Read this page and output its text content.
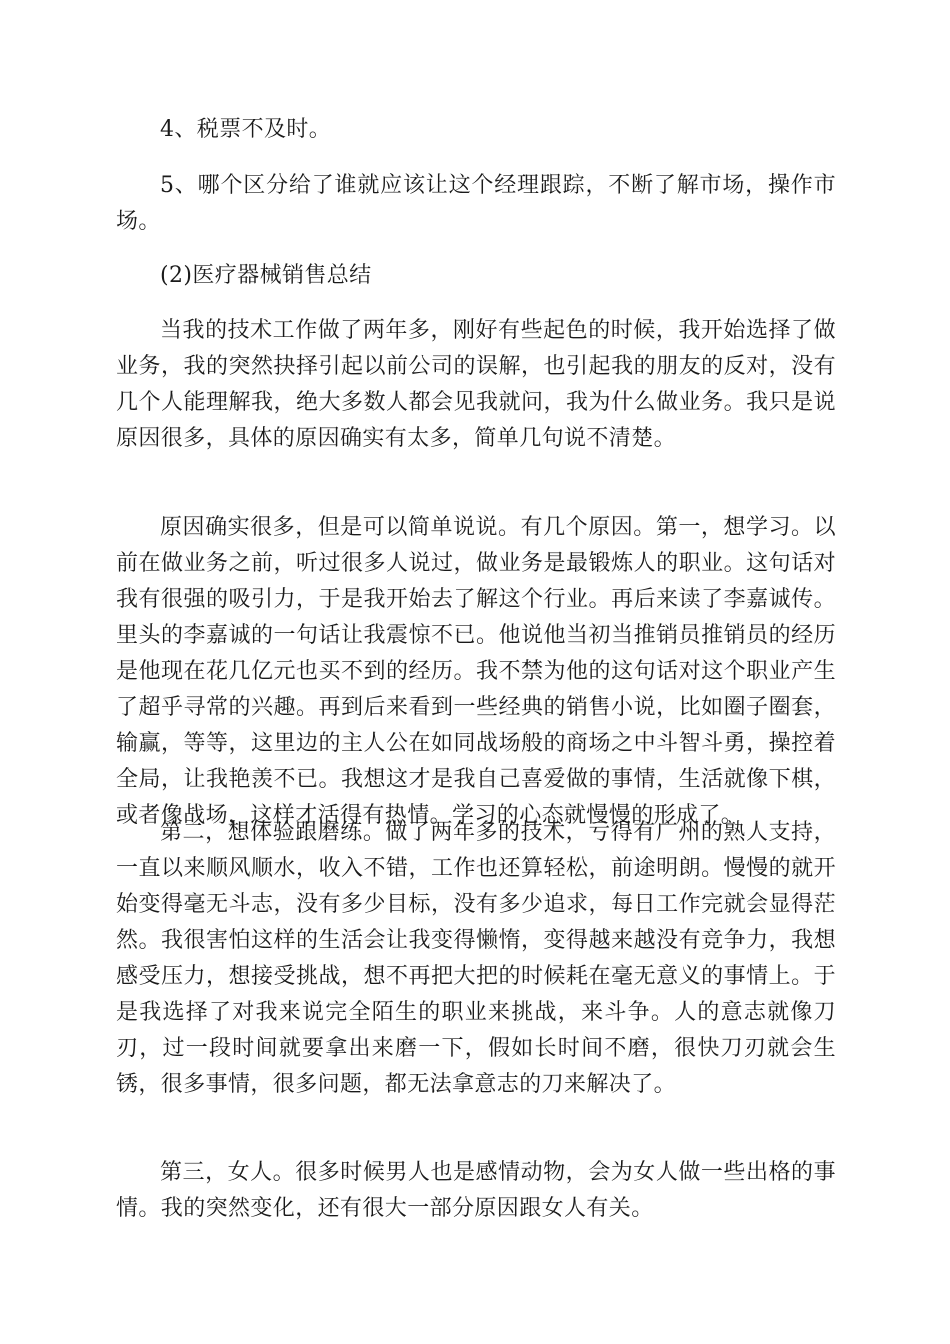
4、税票不及时。

5、哪个区分给了谁就应该让这个经理跟踪，不断了解市场，操作市场。

(2)医疗器械销售总结

当我的技术工作做了两年多，刚好有些起色的时候，我开始选择了做业务，我的突然抉择引起以前公司的误解，也引起我的朋友的反对，没有几个人能理解我，绝大多数人都会见我就问，我为什么做业务。我只是说原因很多，具体的原因确实有太多，简单几句说不清楚。

原因确实很多，但是可以简单说说。有几个原因。第一，想学习。以前在做业务之前，听过很多人说过，做业务是最锻炼人的职业。这句话对我有很强的吸引力，于是我开始去了解这个行业。再后来读了李嘉诚传。里头的李嘉诚的一句话让我震惊不已。他说他当初当推销员推销员的经历是他现在花几亿元也买不到的经历。我不禁为他的这句话对这个职业产生了超乎寻常的兴趣。再到后来看到一些经典的销售小说，比如圈子圈套，输赢，等等，这里边的主人公在如同战场般的商场之中斗智斗勇，操控着全局，让我艳羡不已。我想这才是我自己喜爱做的事情，生活就像下棋，或者像战场，这样才活得有热情。学习的心态就慢慢的形成了。

第二，想体验跟磨练。做了两年多的技术，亏得有广州的熟人支持，一直以来顺风顺水，收入不错，工作也还算轻松，前途明朗。慢慢的就开始变得毫无斗志，没有多少目标，没有多少追求，每日工作完就会显得茫然。我很害怕这样的生活会让我变得懒惰，变得越来越没有竞争力，我想感受压力，想接受挑战，想不再把大把的时候耗在毫无意义的事情上。于是我选择了对我来说完全陌生的职业来挑战，来斗争。人的意志就像刀刃，过一段时间就要拿出来磨一下，假如长时间不磨，很快刀刃就会生锈，很多事情，很多问题，都无法拿意志的刀来解决了。

第三，女人。很多时候男人也是感情动物，会为女人做一些出格的事情。我的突然变化，还有很大一部分原因跟女人有关。
